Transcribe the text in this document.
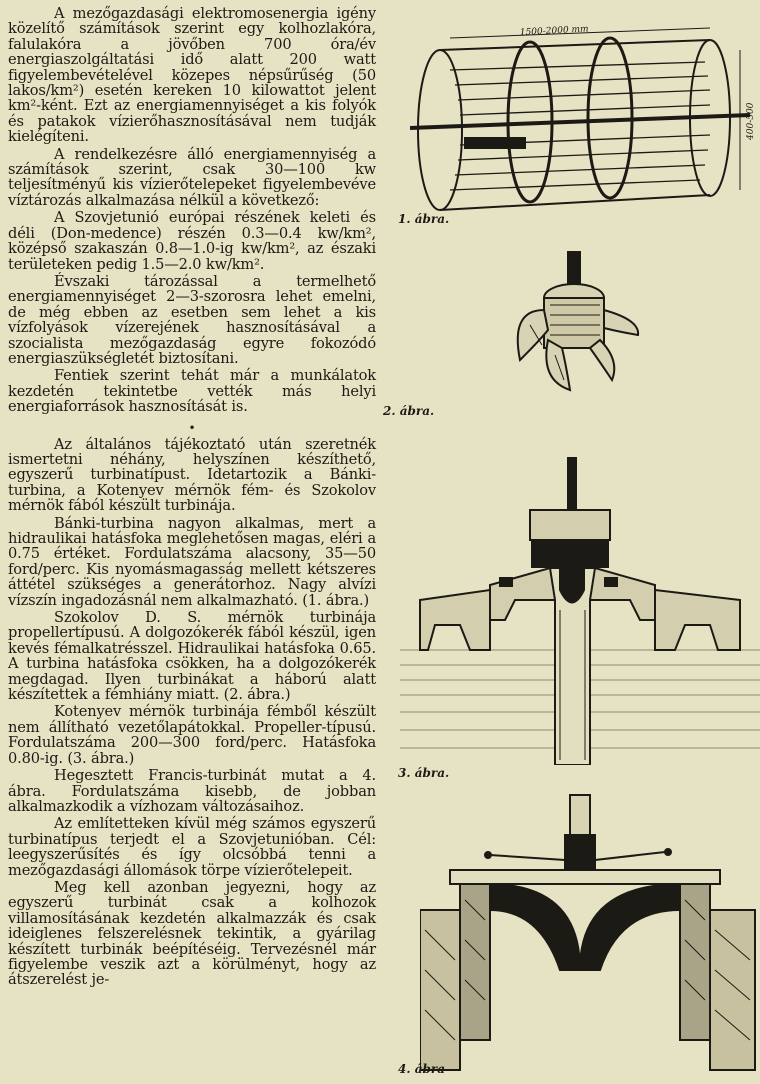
A mezőgazdasági elektromosenergia igény közelítő számítások szerint egy kolhozlakóra, falulakóra a jövőben 700 óra/év energiaszolgáltatási idő alatt 200 watt figyelembevételével közepes népsűrűség (50 lakos/km²) esetén kereken 10 kilowattot jelent km²-ként. Ezt az energiamennyiséget a kis folyók és patakok vízierőhasznosításával nem tudják kielégíteni.

A rendelkezésre álló energiamennyiség a számítások szerint, csak 30—100 kw teljesítményű kis vízierőtelepeket figyelembevéve víztározás alkalmazása nélkül a következő:

A Szovjetunió európai részének keleti és déli (Don-medence) részén 0.3—0.4 kw/km², középső szakaszán 0.8—1.0-ig kw/km², az északi területeken pedig 1.5—2.0 kw/km².

Évszaki tározással a termelhető energiamennyiséget 2—3-szorosra lehet emelni, de még ebben az esetben sem lehet a kis vízfolyások vízerejének hasznosításával a szocialista mezőgazdaság egyre fokozódó energiaszükségletét biztosítani.

Fentiek szerint tehát már a munkálatok kezdetén tekintetbe vették más helyi energiaforrások hasznosítását is.

•

Az általános tájékoztató után szeretnék ismertetni néhány, helyszínen készíthető, egyszerű turbinatípust. Idetartozik a Bánki-turbina, a Kotenyev mérnök fém- és Szokolov mérnök fából készült turbinája.

Bánki-turbina nagyon alkalmas, mert a hidraulikai hatásfoka meglehetősen magas, eléri a 0.75 értéket. Fordulatszáma alacsony, 35—50 ford/perc. Kis nyomásmagasság mellett kétszeres áttétel szükséges a generátorhoz. Nagy alvízi vízszín ingadozásnál nem alkalmazható. (1. ábra.)

Szokolov D. S. mérnök turbinája propellertípusú. A dolgozókerék fából készül, igen kevés fémalkatrésszel. Hidraulikai hatásfoka 0.65. A turbina hatásfoka csökken, ha a dolgozókerék megdagad. Ilyen turbinákat a háború alatt készítettek a fémhiány miatt. (2. ábra.)

Kotenyev mérnök turbinája fémből készült nem állítható vezetőlapátokkal. Propeller-típusú. Fordulatszáma 200—300 ford/perc. Hatásfoka 0.80-ig. (3. ábra.)

Hegesztett Francis-turbinát mutat a 4. ábra. Fordulatszáma kisebb, de jobban alkalmazkodik a vízhozam változásaihoz.

Az említetteken kívül még számos egyszerű turbinatípus terjedt el a Szovjetunióban. Cél: leegyszerűsítés és így olcsóbbá tenni a mezőgazdasági állomások törpe vízierőtelepeit.

Meg kell azonban jegyezni, hogy az egyszerű turbinát csak a kolhozok villamosításának kezdetén alkalmazzák és csak ideiglenes felszerelésnek tekintik, a gyárilag készített turbinák beépítéséig. Tervezésnél már figyelembe veszik azt a körülményt, hogy az átszerelést je-

1500-2000 mm
400-500
1. ábra.
2. ábra.
3. ábra.
4. ábra
